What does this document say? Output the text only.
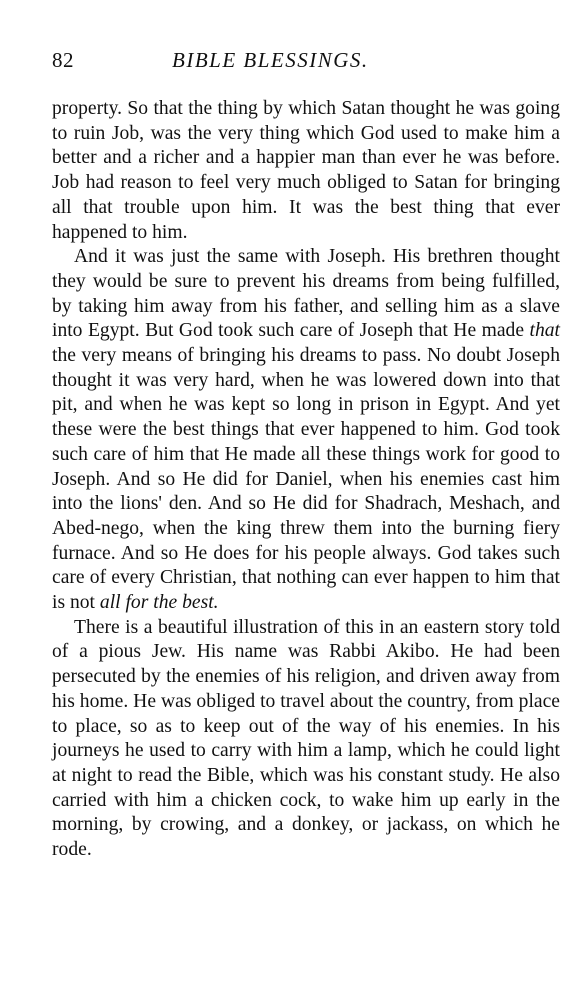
82	BIBLE BLESSINGS.

property. So that the thing by which Satan thought he was going to ruin Job, was the very thing which God used to make him a better and a richer and a happier man than ever he was before. Job had reason to feel very much obliged to Satan for bringing all that trouble upon him. It was the best thing that ever happened to him.

And it was just the same with Joseph. His brethren thought they would be sure to prevent his dreams from being fulfilled, by taking him away from his father, and selling him as a slave into Egypt. But God took such care of Joseph that He made that the very means of bringing his dreams to pass. No doubt Joseph thought it was very hard, when he was lowered down into that pit, and when he was kept so long in prison in Egypt. And yet these were the best things that ever happened to him. God took such care of him that He made all these things work for good to Joseph. And so He did for Daniel, when his enemies cast him into the lions' den. And so He did for Shadrach, Meshach, and Abed-nego, when the king threw them into the burning fiery furnace. And so He does for his people always. God takes such care of every Christian, that nothing can ever happen to him that is not all for the best.

There is a beautiful illustration of this in an eastern story told of a pious Jew. His name was Rabbi Akibo. He had been persecuted by the enemies of his religion, and driven away from his home. He was obliged to travel about the country, from place to place, so as to keep out of the way of his enemies. In his journeys he used to carry with him a lamp, which he could light at night to read the Bible, which was his constant study. He also carried with him a chicken cock, to wake him up early in the morning, by crowing, and a donkey, or jackass, on which he rode.
